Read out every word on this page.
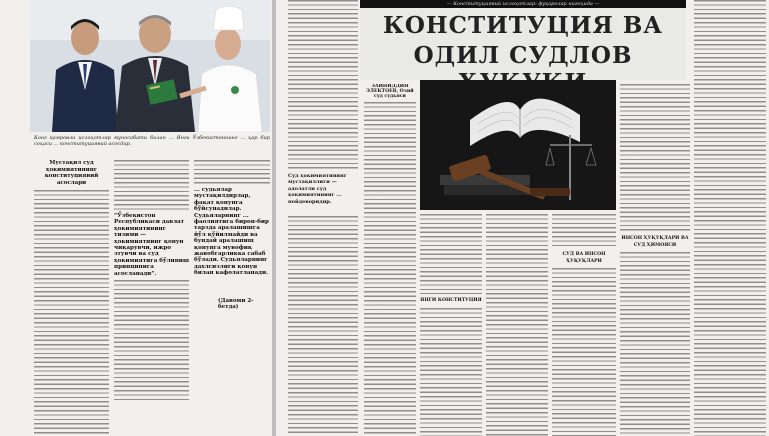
Конг қамровли ислоҳотлар муносабати билан ... Янги Ўзбекистоннинг ... ҳар бир соҳаси ... конституциявий асосдир.
Мустақил суд ҳокимиятининг конституциявий асослари
“Ўзбекистон Республикаси давлат ҳокимиятининг тизими — ҳокимиятнинг қонун чиқарувчи, ижро этувчи ва суд ҳокимиятига бўлиниш принципига асосланади”.
... судьялар мустақилдирлар, фақат қонунга бўйсунадилар. Судьяларнинг ... фаолиятига бирон-бир тарзда аралашишга йўл қўйилмайди ва бундай аралашиш қонунга мувофиқ жавобгарликка сабаб бўлади. Судьяларнинг дахлсизлиги қонун билан кафолатланади.
(Давоми 2-бетда)
Суд ҳокимиятининг мустақиллиги — адолатли суд ҳокимиятининг ... пойдеворидир.
— Конституциявий ислоҳотлар: фуқаролар нигоҳида —
КОНСТИТУЦИЯ ВА
ОДИЛ СУДЛОВ
ЗАЙНИДДИН ЭЛЕКТОЕВ, Олий суд судьяси
ЯНГИ КОНСТИТУЦИЯ
СУД ВА ИНСОН ҲУҚУҚЛАРИ
ИНСОН ҲУҚУҚЛАРИ ВА СУД ҲИМОЯСИ
